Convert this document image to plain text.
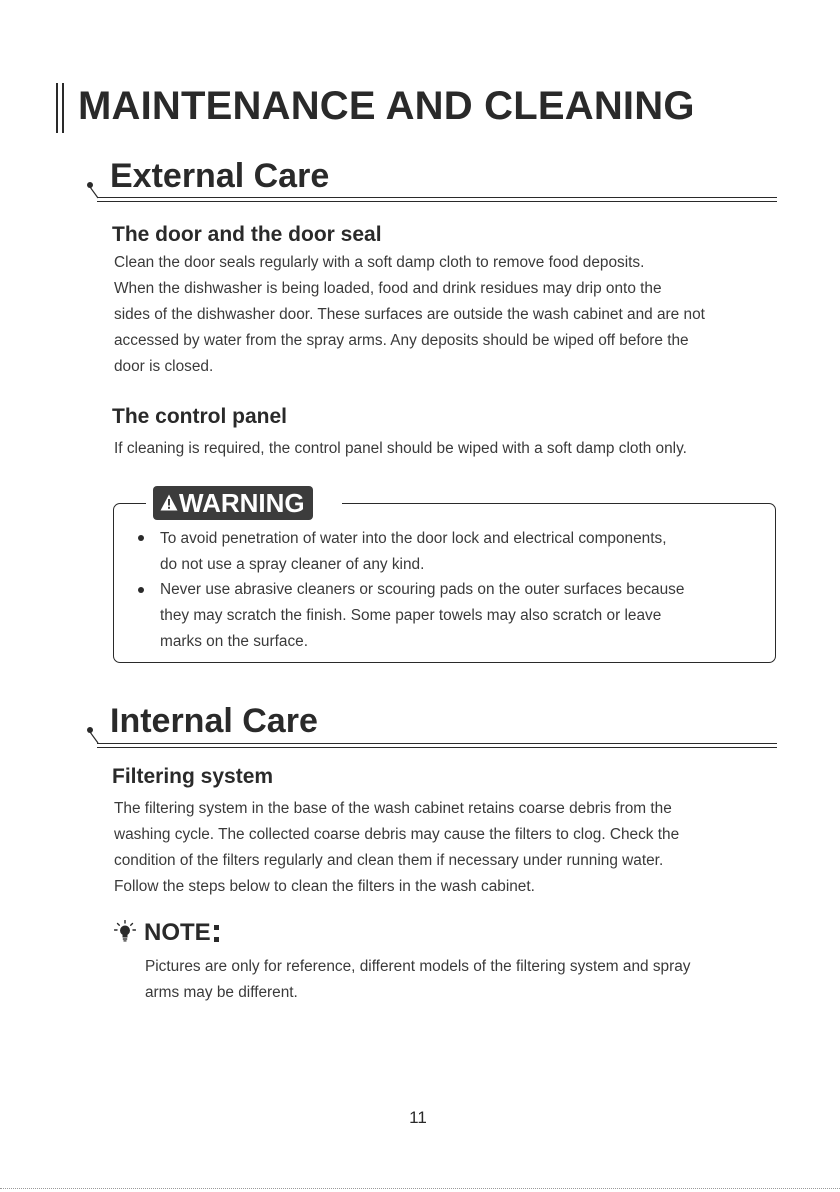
MAINTENANCE AND CLEANING
External Care
The door and the door seal
Clean the door seals regularly with a soft damp cloth to remove food deposits.
When the dishwasher is being loaded, food and drink residues may drip onto the
sides of the dishwasher door. These surfaces are outside the wash cabinet and are not
accessed by water from the spray arms. Any deposits should be wiped off before the
door is closed.
The control panel
If cleaning is required, the control panel should be wiped with a soft damp cloth only.
WARNING
To avoid penetration of water into the door lock and electrical components,
do not use a spray cleaner of any kind.
Never use abrasive cleaners or scouring pads on the outer surfaces because
they may scratch the finish. Some paper towels may also scratch or leave
marks on the surface.
Internal Care
Filtering system
The filtering system in the base of the wash cabinet retains coarse debris from the
washing cycle. The collected coarse debris may cause the filters to clog. Check the
condition of the filters regularly and clean them if necessary under running water.
Follow the steps below to clean the filters in the wash cabinet.
NOTE
Pictures are only for reference, different models of the filtering system and spray
arms may be different.
11
